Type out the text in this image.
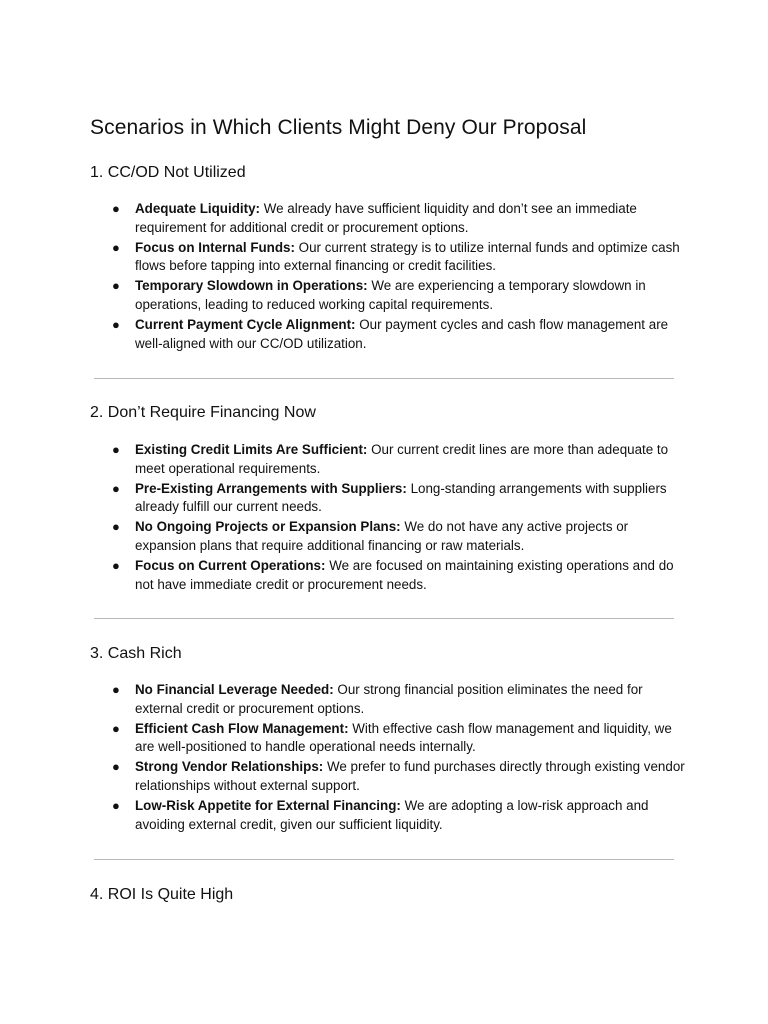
Scenarios in Which Clients Might Deny Our Proposal
1. CC/OD Not Utilized
● Adequate Liquidity: We already have sufficient liquidity and don’t see an immediate requirement for additional credit or procurement options.
● Focus on Internal Funds: Our current strategy is to utilize internal funds and optimize cash flows before tapping into external financing or credit facilities.
● Temporary Slowdown in Operations: We are experiencing a temporary slowdown in operations, leading to reduced working capital requirements.
● Current Payment Cycle Alignment: Our payment cycles and cash flow management are well-aligned with our CC/OD utilization.
2. Don’t Require Financing Now
● Existing Credit Limits Are Sufficient: Our current credit lines are more than adequate to meet operational requirements.
● Pre-Existing Arrangements with Suppliers: Long-standing arrangements with suppliers already fulfill our current needs.
● No Ongoing Projects or Expansion Plans: We do not have any active projects or expansion plans that require additional financing or raw materials.
● Focus on Current Operations: We are focused on maintaining existing operations and do not have immediate credit or procurement needs.
3. Cash Rich
● No Financial Leverage Needed: Our strong financial position eliminates the need for external credit or procurement options.
● Efficient Cash Flow Management: With effective cash flow management and liquidity, we are well-positioned to handle operational needs internally.
● Strong Vendor Relationships: We prefer to fund purchases directly through existing vendor relationships without external support.
● Low-Risk Appetite for External Financing: We are adopting a low-risk approach and avoiding external credit, given our sufficient liquidity.
4. ROI Is Quite High
